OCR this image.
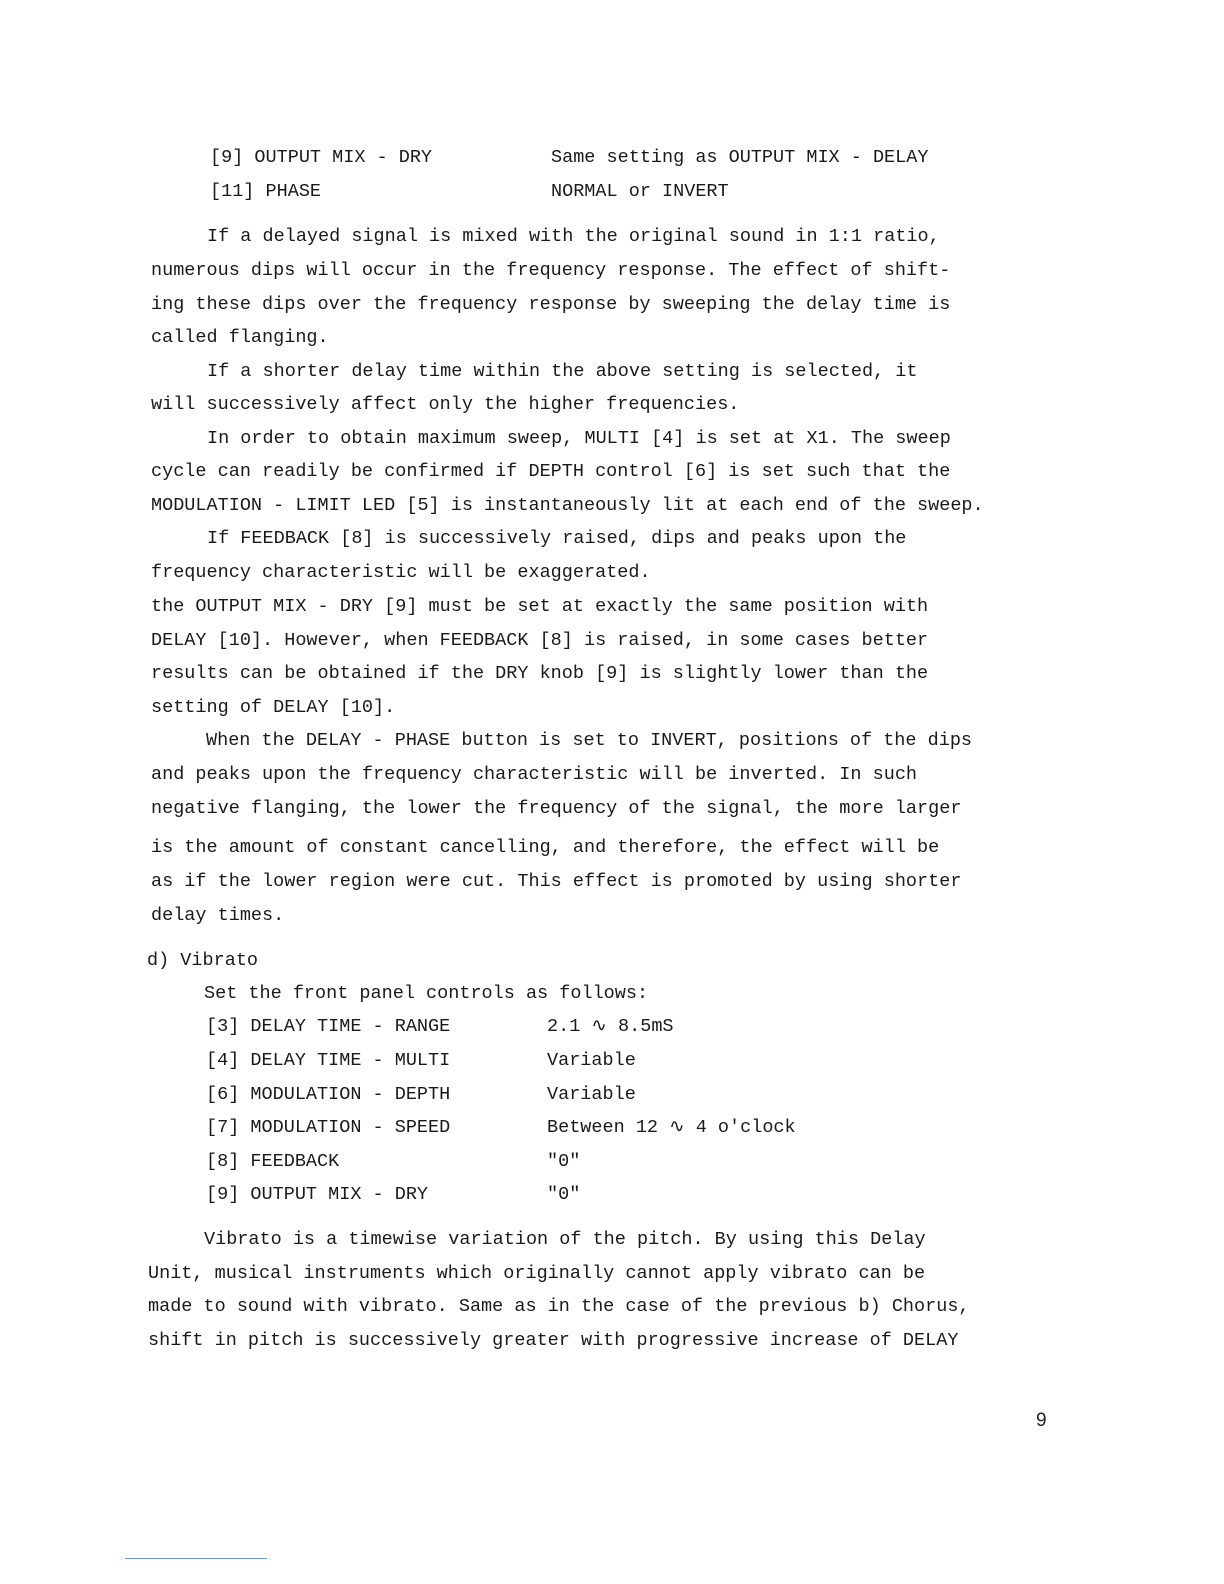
[9] OUTPUT MIX - DRY	Same setting as OUTPUT MIX - DELAY
[11] PHASE	NORMAL or INVERT
If a delayed signal is mixed with the original sound in 1:1 ratio,
numerous dips will occur in the frequency response. The effect of shift-
ing these dips over the frequency response by sweeping the delay time is
called flanging.
If a shorter delay time within the above setting is selected, it
will successively affect only the higher frequencies.
In order to obtain maximum sweep, MULTI [4] is set at X1. The sweep
cycle can readily be confirmed if DEPTH control [6] is set such that the
MODULATION - LIMIT LED [5] is instantaneously lit at each end of the sweep.
If FEEDBACK [8] is successively raised, dips and peaks upon the
frequency characteristic will be exaggerated.
the OUTPUT MIX - DRY [9] must be set at exactly the same position with
DELAY [10]. However, when FEEDBACK [8] is raised, in some cases better
results can be obtained if the DRY knob [9] is slightly lower than the
setting of DELAY [10].
When the DELAY - PHASE button is set to INVERT, positions of the dips
and peaks upon the frequency characteristic will be inverted. In such
negative flanging, the lower the frequency of the signal, the more larger
is the amount of constant cancelling, and therefore, the effect will be
as if the lower region were cut. This effect is promoted by using shorter
delay times.
d) Vibrato
Set the front panel controls as follows:
[3] DELAY TIME - RANGE	2.1 ∿ 8.5mS
[4] DELAY TIME - MULTI	Variable
[6] MODULATION - DEPTH	Variable
[7] MODULATION - SPEED	Between 12 ∿ 4 o'clock
[8] FEEDBACK	"0"
[9] OUTPUT MIX - DRY	"0"
Vibrato is a timewise variation of the pitch. By using this Delay
Unit, musical instruments which originally cannot apply vibrato can be
made to sound with vibrato. Same as in the case of the previous b) Chorus,
shift in pitch is successively greater with progressive increase of DELAY
9
